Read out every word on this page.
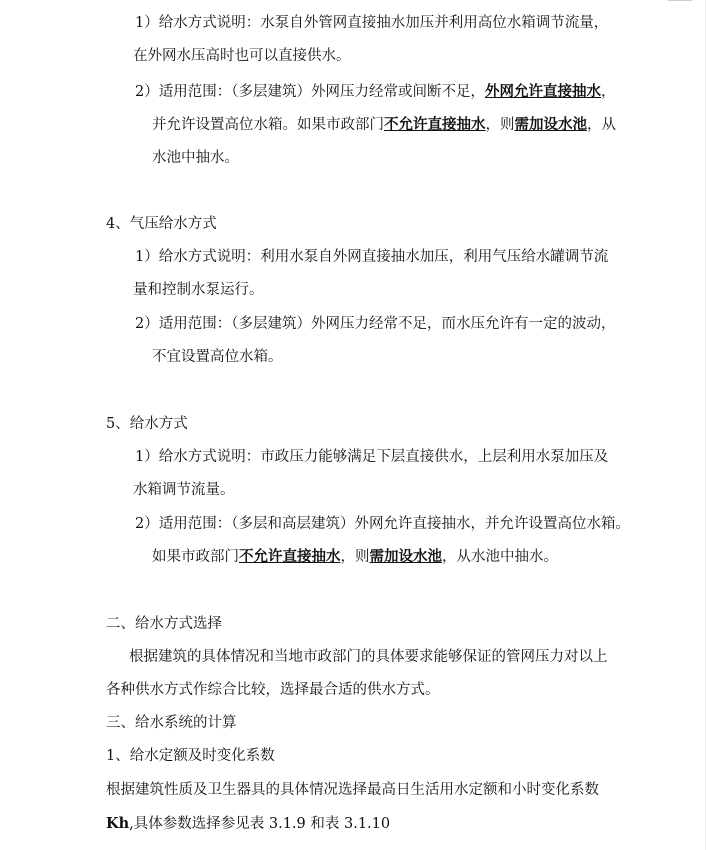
1）给水方式说明：水泵自外管网直接抽水加压并利用高位水箱调节流量，
在外网水压高时也可以直接供水。
2）适用范围：（多层建筑）外网压力经常或间断不足，外网允许直接抽水，
并允许设置高位水箱。如果市政部门不允许直接抽水，则需加设水池，从
水池中抽水。
4、气压给水方式
1）给水方式说明：利用水泵自外网直接抽水加压，利用气压给水罐调节流
量和控制水泵运行。
2）适用范围：（多层建筑）外网压力经常不足，而水压允许有一定的波动，
不宜设置高位水箱。
5、给水方式
1）给水方式说明：市政压力能够满足下层直接供水，上层利用水泵加压及
水箱调节流量。
2）适用范围：（多层和高层建筑）外网允许直接抽水，并允许设置高位水箱。
如果市政部门不允许直接抽水，则需加设水池，从水池中抽水。
二、给水方式选择
根据建筑的具体情况和当地市政部门的具体要求能够保证的管网压力对以上
各种供水方式作综合比较，选择最合适的供水方式。
三、给水系统的计算
1、给水定额及时变化系数
根据建筑性质及卫生器具的具体情况选择最高日生活用水定额和小时变化系数
Kh,具体参数选择参见表 3.1.9 和表 3.1.10
